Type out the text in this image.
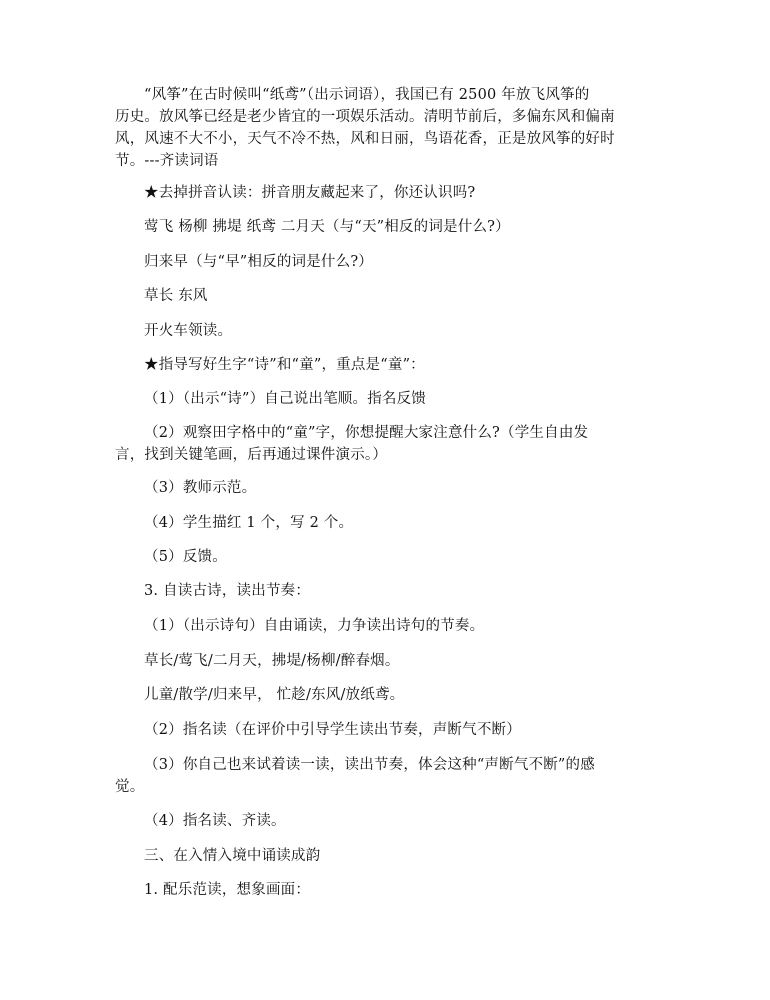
“风筝”在古时候叫“纸鸢”（出示词语），我国已有 2500 年放飞风筝的
历史。放风筝已经是老少皆宜的一项娱乐活动。清明节前后，多偏东风和偏南
风，风速不大不小，天气不冷不热，风和日丽，鸟语花香，正是放风筝的好时
节。---齐读词语
★去掉拼音认读：拼音朋友藏起来了，你还认识吗?
莺飞 杨柳 拂堤 纸鸢 二月天（与“天”相反的词是什么?）
归来早（与“早”相反的词是什么?）
草长 东风
开火车领读。
★指导写好生字“诗”和“童”，重点是“童”：
（1）（出示“诗”）自己说出笔顺。指名反馈
（2）观察田字格中的“童”字，你想提醒大家注意什么?（学生自由发
言，找到关键笔画，后再通过课件演示。）
（3）教师示范。
（4）学生描红 1 个，写 2 个。
（5）反馈。
3. 自读古诗，读出节奏：
（1）（出示诗句）自由诵读，力争读出诗句的节奏。
草长/莺飞/二月天，拂堤/杨柳/醉春烟。
儿童/散学/归来早， 忙趁/东风/放纸鸢。
（2）指名读（在评价中引导学生读出节奏，声断气不断）
（3）你自己也来试着读一读，读出节奏，体会这种“声断气不断”的感
觉。
（4）指名读、齐读。
三、在入情入境中诵读成韵
1. 配乐范读，想象画面：
